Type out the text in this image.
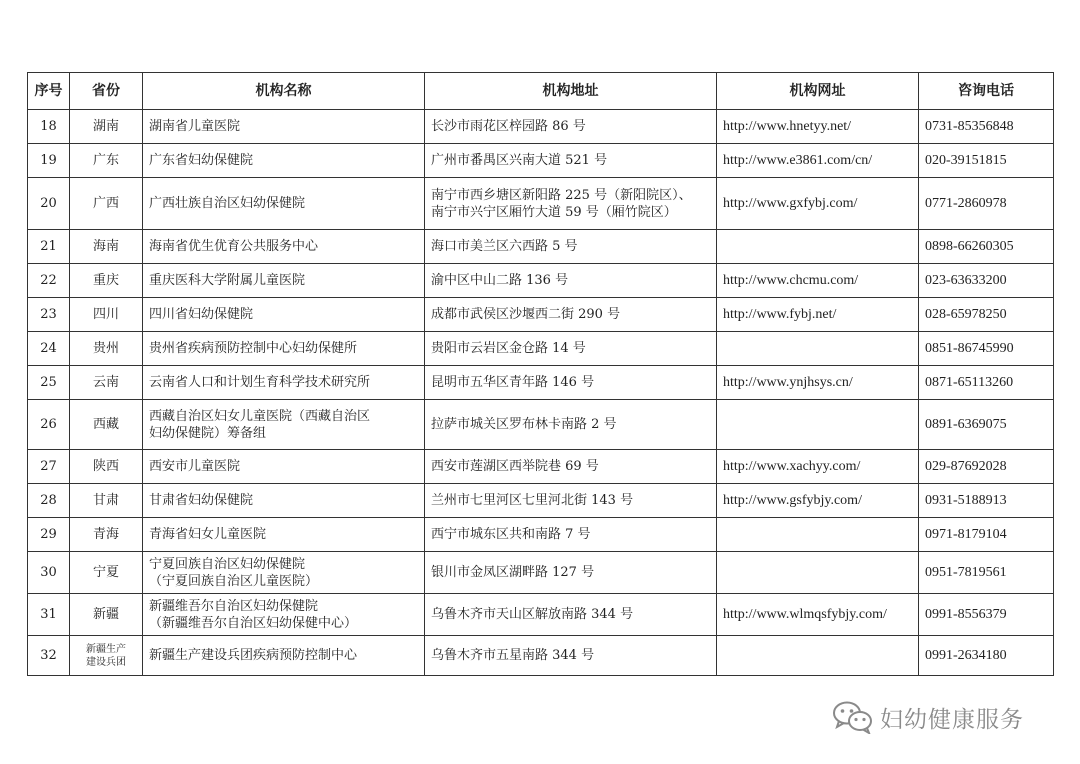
序号	省份	机构名称	机构地址	机构网址	咨询电话
18	湖南	湖南省儿童医院	长沙市雨花区梓园路 86 号	http://www.hnetyy.net/	0731-85356848
19	广东	广东省妇幼保健院	广州市番禺区兴南大道 521 号	http://www.e3861.com/cn/	020-39151815
20	广西	广西壮族自治区妇幼保健院	南宁市西乡塘区新阳路 225 号（新阳院区）、
南宁市兴宁区厢竹大道 59 号（厢竹院区）	http://www.gxfybj.com/	0771-2860978
21	海南	海南省优生优育公共服务中心	海口市美兰区六西路 5 号		0898-66260305
22	重庆	重庆医科大学附属儿童医院	渝中区中山二路 136 号	http://www.chcmu.com/	023-63633200
23	四川	四川省妇幼保健院	成都市武侯区沙堰西二街 290 号	http://www.fybj.net/	028-65978250
24	贵州	贵州省疾病预防控制中心妇幼保健所	贵阳市云岩区金仓路 14 号		0851-86745990
25	云南	云南省人口和计划生育科学技术研究所	昆明市五华区青年路 146 号	http://www.ynjhsys.cn/	0871-65113260
26	西藏	西藏自治区妇女儿童医院（西藏自治区
妇幼保健院）筹备组	拉萨市城关区罗布林卡南路 2 号		0891-6369075
27	陕西	西安市儿童医院	西安市莲湖区西举院巷 69 号	http://www.xachyy.com/	029-87692028
28	甘肃	甘肃省妇幼保健院	兰州市七里河区七里河北街 143 号	http://www.gsfybjy.com/	0931-5188913
29	青海	青海省妇女儿童医院	西宁市城东区共和南路 7 号		0971-8179104
30	宁夏	宁夏回族自治区妇幼保健院
（宁夏回族自治区儿童医院）	银川市金凤区湖畔路 127 号		0951-7819561
31	新疆	新疆维吾尔自治区妇幼保健院
（新疆维吾尔自治区妇幼保健中心）	乌鲁木齐市天山区解放南路 344 号	http://www.wlmqsfybjy.com/	0991-8556379
32	新疆生产
建设兵团	新疆生产建设兵团疾病预防控制中心	乌鲁木齐市五星南路 344 号		0991-2634180
妇幼健康服务
